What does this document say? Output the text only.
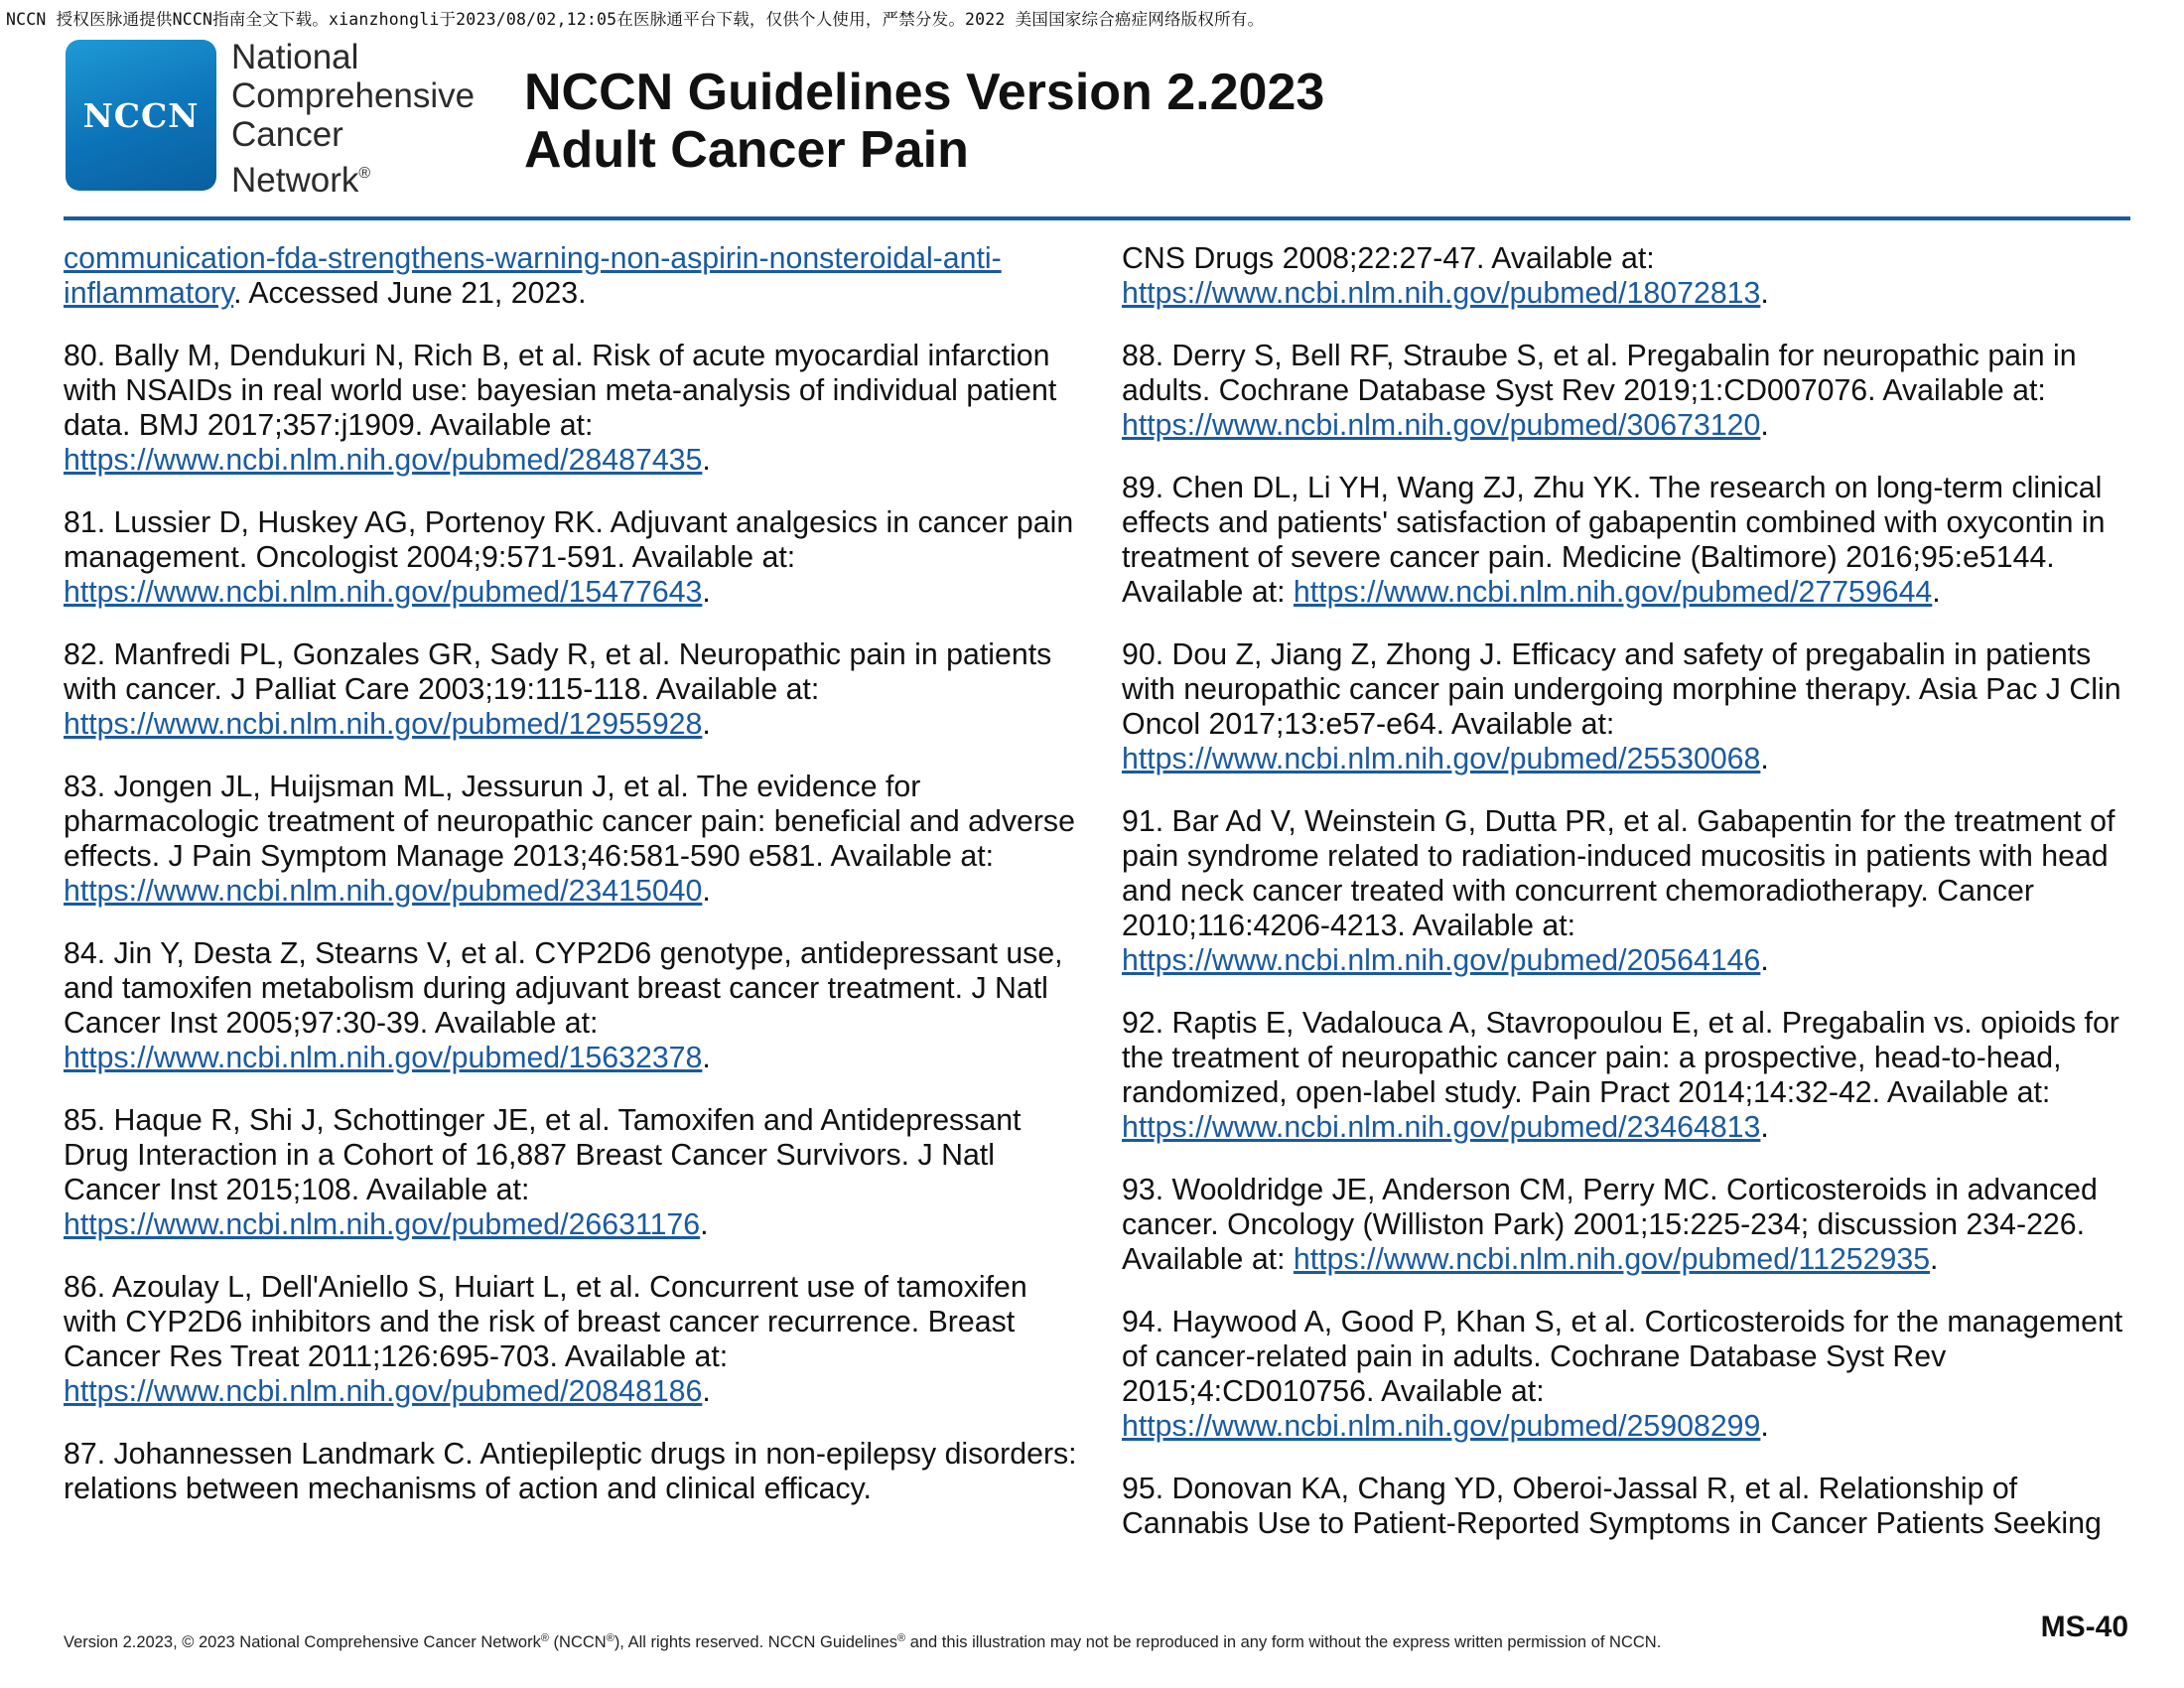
NCCN 授权医脉通提供NCCN指南全文下载。xianzhongli于2023/08/02,12:05在医脉通平台下载，仅供个人使用，严禁分发。2022 美国国家综合癌症网络版权所有。
NCCN
National
Comprehensive
Cancer
Network®
NCCN Guidelines Version 2.2023
Adult Cancer Pain

communication-fda-strengthens-warning-non-aspirin-nonsteroidal-anti-inflammatory. Accessed June 21, 2023.

80. Bally M, Dendukuri N, Rich B, et al. Risk of acute myocardial infarction with NSAIDs in real world use: bayesian meta-analysis of individual patient data. BMJ 2017;357:j1909. Available at: https://www.ncbi.nlm.nih.gov/pubmed/28487435.

81. Lussier D, Huskey AG, Portenoy RK. Adjuvant analgesics in cancer pain management. Oncologist 2004;9:571-591. Available at: https://www.ncbi.nlm.nih.gov/pubmed/15477643.

82. Manfredi PL, Gonzales GR, Sady R, et al. Neuropathic pain in patients with cancer. J Palliat Care 2003;19:115-118. Available at: https://www.ncbi.nlm.nih.gov/pubmed/12955928.

83. Jongen JL, Huijsman ML, Jessurun J, et al. The evidence for pharmacologic treatment of neuropathic cancer pain: beneficial and adverse effects. J Pain Symptom Manage 2013;46:581-590 e581. Available at: https://www.ncbi.nlm.nih.gov/pubmed/23415040.

84. Jin Y, Desta Z, Stearns V, et al. CYP2D6 genotype, antidepressant use, and tamoxifen metabolism during adjuvant breast cancer treatment. J Natl Cancer Inst 2005;97:30-39. Available at: https://www.ncbi.nlm.nih.gov/pubmed/15632378.

85. Haque R, Shi J, Schottinger JE, et al. Tamoxifen and Antidepressant Drug Interaction in a Cohort of 16,887 Breast Cancer Survivors. J Natl Cancer Inst 2015;108. Available at: https://www.ncbi.nlm.nih.gov/pubmed/26631176.

86. Azoulay L, Dell'Aniello S, Huiart L, et al. Concurrent use of tamoxifen with CYP2D6 inhibitors and the risk of breast cancer recurrence. Breast Cancer Res Treat 2011;126:695-703. Available at: https://www.ncbi.nlm.nih.gov/pubmed/20848186.

87. Johannessen Landmark C. Antiepileptic drugs in non-epilepsy disorders: relations between mechanisms of action and clinical efficacy.

CNS Drugs 2008;22:27-47. Available at: https://www.ncbi.nlm.nih.gov/pubmed/18072813.

88. Derry S, Bell RF, Straube S, et al. Pregabalin for neuropathic pain in adults. Cochrane Database Syst Rev 2019;1:CD007076. Available at: https://www.ncbi.nlm.nih.gov/pubmed/30673120.

89. Chen DL, Li YH, Wang ZJ, Zhu YK. The research on long-term clinical effects and patients' satisfaction of gabapentin combined with oxycontin in treatment of severe cancer pain. Medicine (Baltimore) 2016;95:e5144. Available at: https://www.ncbi.nlm.nih.gov/pubmed/27759644.

90. Dou Z, Jiang Z, Zhong J. Efficacy and safety of pregabalin in patients with neuropathic cancer pain undergoing morphine therapy. Asia Pac J Clin Oncol 2017;13:e57-e64. Available at: https://www.ncbi.nlm.nih.gov/pubmed/25530068.

91. Bar Ad V, Weinstein G, Dutta PR, et al. Gabapentin for the treatment of pain syndrome related to radiation-induced mucositis in patients with head and neck cancer treated with concurrent chemoradiotherapy. Cancer 2010;116:4206-4213. Available at: https://www.ncbi.nlm.nih.gov/pubmed/20564146.

92. Raptis E, Vadalouca A, Stavropoulou E, et al. Pregabalin vs. opioids for the treatment of neuropathic cancer pain: a prospective, head-to-head, randomized, open-label study. Pain Pract 2014;14:32-42. Available at: https://www.ncbi.nlm.nih.gov/pubmed/23464813.

93. Wooldridge JE, Anderson CM, Perry MC. Corticosteroids in advanced cancer. Oncology (Williston Park) 2001;15:225-234; discussion 234-226. Available at: https://www.ncbi.nlm.nih.gov/pubmed/11252935.

94. Haywood A, Good P, Khan S, et al. Corticosteroids for the management of cancer-related pain in adults. Cochrane Database Syst Rev 2015;4:CD010756. Available at: https://www.ncbi.nlm.nih.gov/pubmed/25908299.

95. Donovan KA, Chang YD, Oberoi-Jassal R, et al. Relationship of Cannabis Use to Patient-Reported Symptoms in Cancer Patients Seeking

Version 2.2023, © 2023 National Comprehensive Cancer Network® (NCCN®), All rights reserved. NCCN Guidelines® and this illustration may not be reproduced in any form without the express written permission of NCCN.	MS-40
